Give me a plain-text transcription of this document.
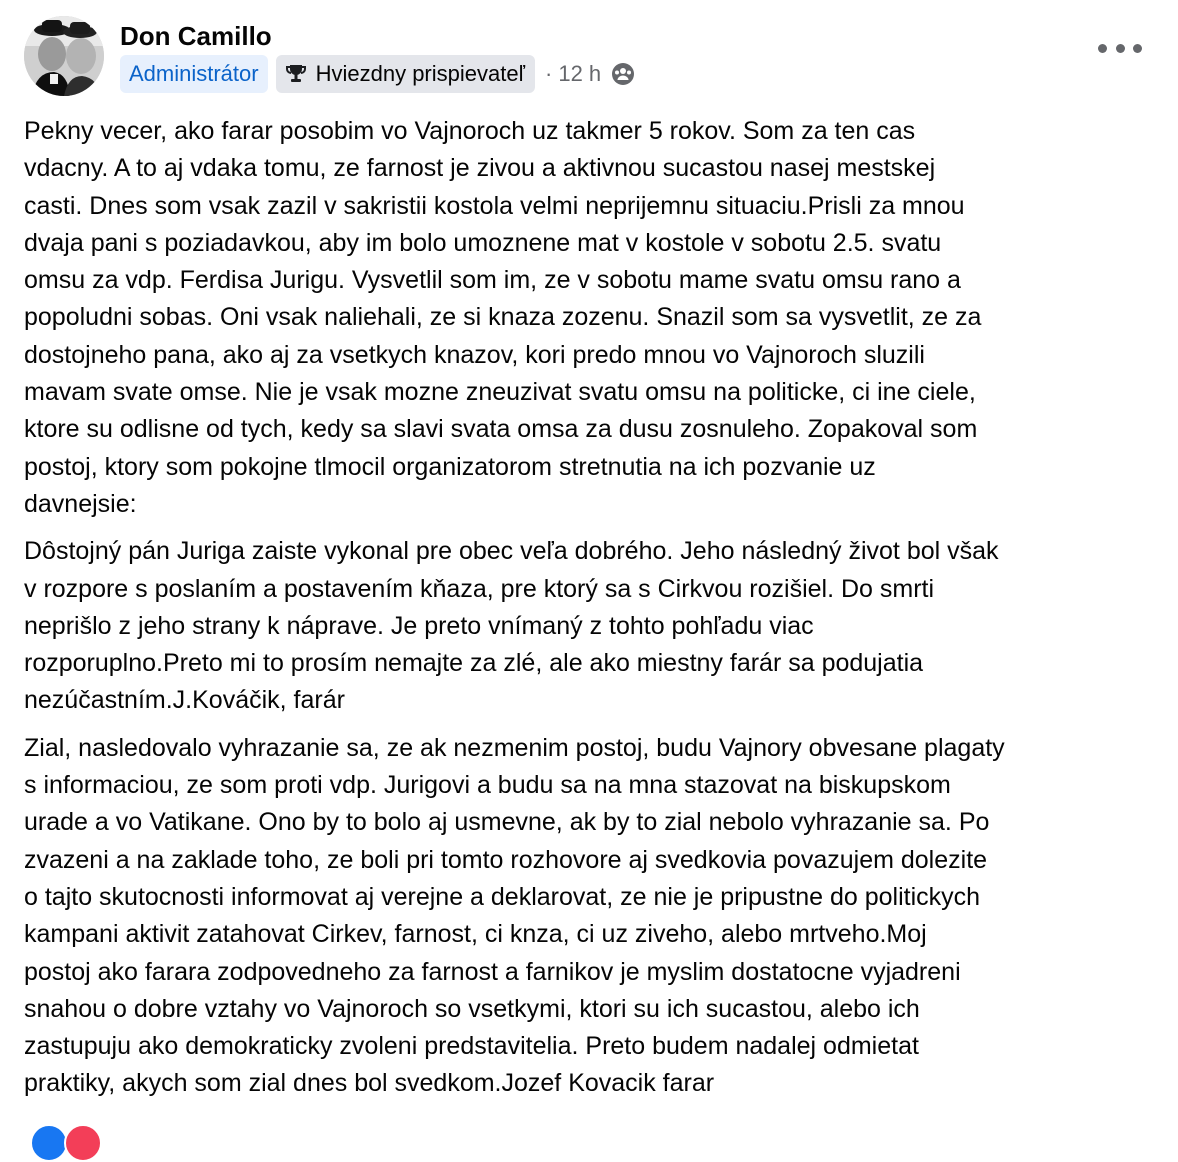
Don Camillo
Administrátor	Hviezdny prispievateľ · 12 h

Pekny vecer, ako farar posobim vo Vajnoroch uz takmer 5 rokov. Som za ten cas

vdacny. A to aj vdaka tomu, ze farnost je zivou a aktivnou sucastou nasej mestskej

casti. Dnes som vsak zazil v sakristii kostola velmi neprijemnu situaciu.Prisli za mnou

dvaja pani s poziadavkou, aby im bolo umoznene mat v kostole v sobotu 2.5. svatu

omsu za vdp. Ferdisa Jurigu. Vysvetlil som im, ze v sobotu mame svatu omsu rano a

popoludni sobas. Oni vsak naliehali, ze si knaza zozenu. Snazil som sa vysvetlit, ze za

dostojneho pana, ako aj za vsetkych knazov, kori predo mnou vo Vajnoroch sluzili

mavam svate omse. Nie je vsak mozne zneuzivat svatu omsu na politicke, ci ine ciele,

ktore su odlisne od tych, kedy sa slavi svata omsa za dusu zosnuleho. Zopakoval som

postoj, ktory som pokojne tlmocil organizatorom stretnutia na ich pozvanie uz

davnejsie:

Dôstojný pán Juriga zaiste vykonal pre obec veľa dobrého. Jeho následný život bol však

v rozpore s poslaním a postavením kňaza, pre ktorý sa s Cirkvou rozišiel. Do smrti

neprišlo z jeho strany k náprave. Je preto vnímaný z tohto pohľadu viac

rozporuplno.Preto mi to prosím nemajte za zlé, ale ako miestny farár sa podujatia

nezúčastním.J.Kováčik, farár

Zial, nasledovalo vyhrazanie sa, ze ak nezmenim postoj, budu Vajnory obvesane plagaty

s informaciou, ze som proti vdp. Jurigovi a budu sa na mna stazovat na biskupskom

urade a vo Vatikane. Ono by to bolo aj usmevne, ak by to zial nebolo vyhrazanie sa. Po

zvazeni a na zaklade toho, ze boli pri tomto rozhovore aj svedkovia povazujem dolezite

o tajto skutocnosti informovat aj verejne a deklarovat, ze nie je pripustne do politickych

kampani aktivit zatahovat Cirkev, farnost, ci knza, ci uz ziveho, alebo mrtveho.Moj

postoj ako farara zodpovedneho za farnost a farnikov je myslim dostatocne vyjadreni

snahou o dobre vztahy vo Vajnoroch so vsetkymi, ktori su ich sucastou, alebo ich

zastupuju ako demokraticky zvoleni predstavitelia. Preto budem nadalej odmietat

praktiky, akych som zial dnes bol svedkom.Jozef Kovacik farar
